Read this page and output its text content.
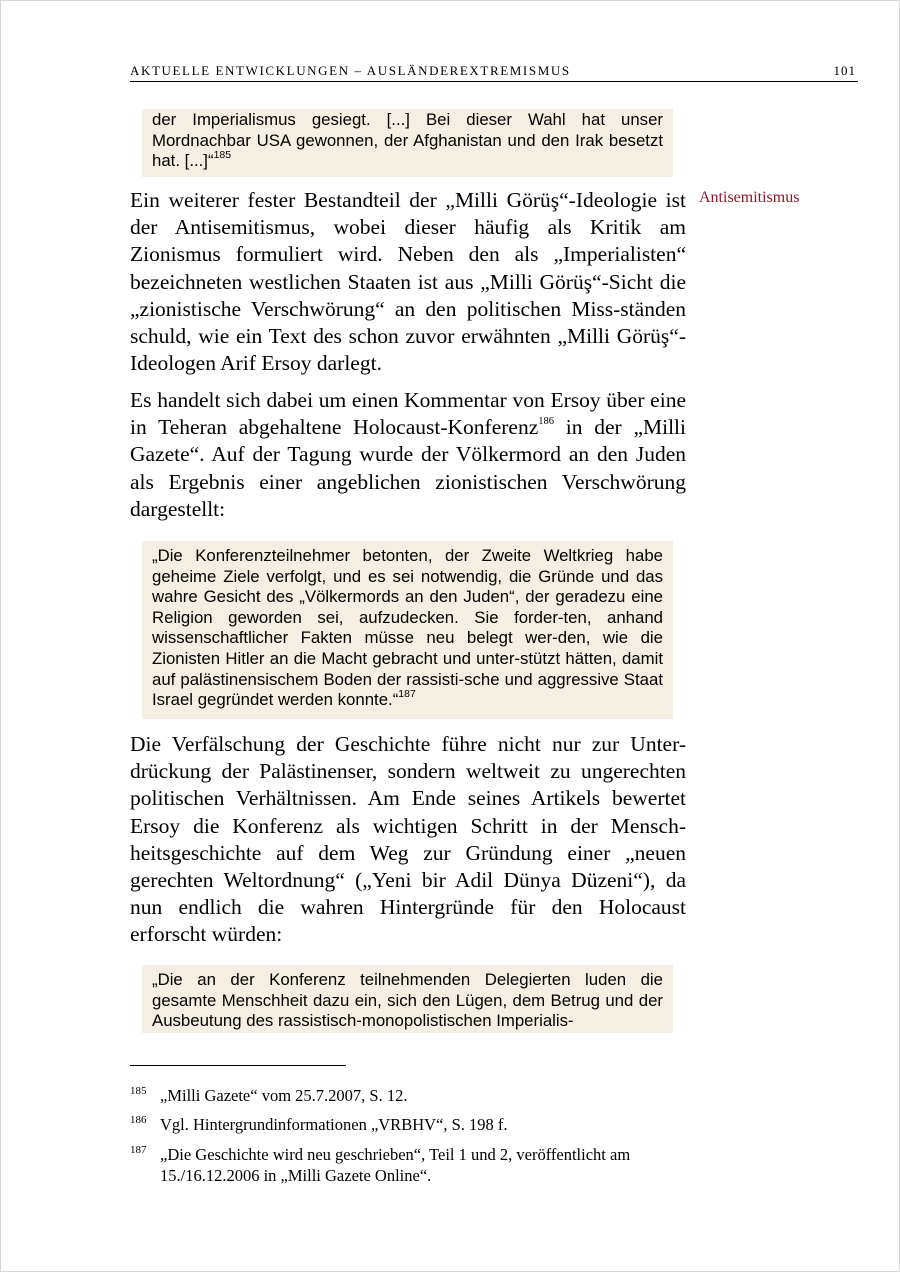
AKTUELLE ENTWICKLUNGEN – AUSLÄNDEREXTREMISMUS	101
der Imperialismus gesiegt. [...] Bei dieser Wahl hat unser Mordnachbar USA gewonnen, der Afghanistan und den Irak besetzt hat. [...]“$^{185}$
Antisemitismus
Ein weiterer fester Bestandteil der „Milli Görüş“-Ideologie ist der Antisemitismus, wobei dieser häufig als Kritik am Zionismus formuliert wird. Neben den als „Imperialisten“ bezeichneten westlichen Staaten ist aus „Milli Görüş“-Sicht die „zionistische Verschwörung“ an den politischen Miss-ständen schuld, wie ein Text des schon zuvor erwähnten „Milli Görüş“-Ideologen Arif Ersoy darlegt.
Es handelt sich dabei um einen Kommentar von Ersoy über eine in Teheran abgehaltene Holocaust-Konferenz$^{186}$ in der „Milli Gazete“. Auf der Tagung wurde der Völkermord an den Juden als Ergebnis einer angeblichen zionistischen Verschwörung dargestellt:
„Die Konferenzteilnehmer betonten, der Zweite Weltkrieg habe geheime Ziele verfolgt, und es sei notwendig, die Gründe und das wahre Gesicht des „Völkermords an den Juden“, der geradezu eine Religion geworden sei, aufzudecken. Sie forder-ten, anhand wissenschaftlicher Fakten müsse neu belegt wer-den, wie die Zionisten Hitler an die Macht gebracht und unter-stützt hätten, damit auf palästinensischem Boden der rassisti-sche und aggressive Staat Israel gegründet werden konnte.“$^{187}$
Die Verfälschung der Geschichte führe nicht nur zur Unter-drückung der Palästinenser, sondern weltweit zu ungerechten politischen Verhältnissen. Am Ende seines Artikels bewertet Ersoy die Konferenz als wichtigen Schritt in der Mensch-heitsgeschichte auf dem Weg zur Gründung einer „neuen gerechten Weltordnung“ („Yeni bir Adil Dünya Düzeni“), da nun endlich die wahren Hintergründe für den Holocaust erforscht würden:
„Die an der Konferenz teilnehmenden Delegierten luden die gesamte Menschheit dazu ein, sich den Lügen, dem Betrug und der Ausbeutung des rassistisch-monopolistischen Imperialis-
185 „Milli Gazete“ vom 25.7.2007, S. 12.
186 Vgl. Hintergrundinformationen „VRBHV“, S. 198 f.
187 „Die Geschichte wird neu geschrieben“, Teil 1 und 2, veröffentlicht am 15./16.12.2006 in „Milli Gazete Online“.
